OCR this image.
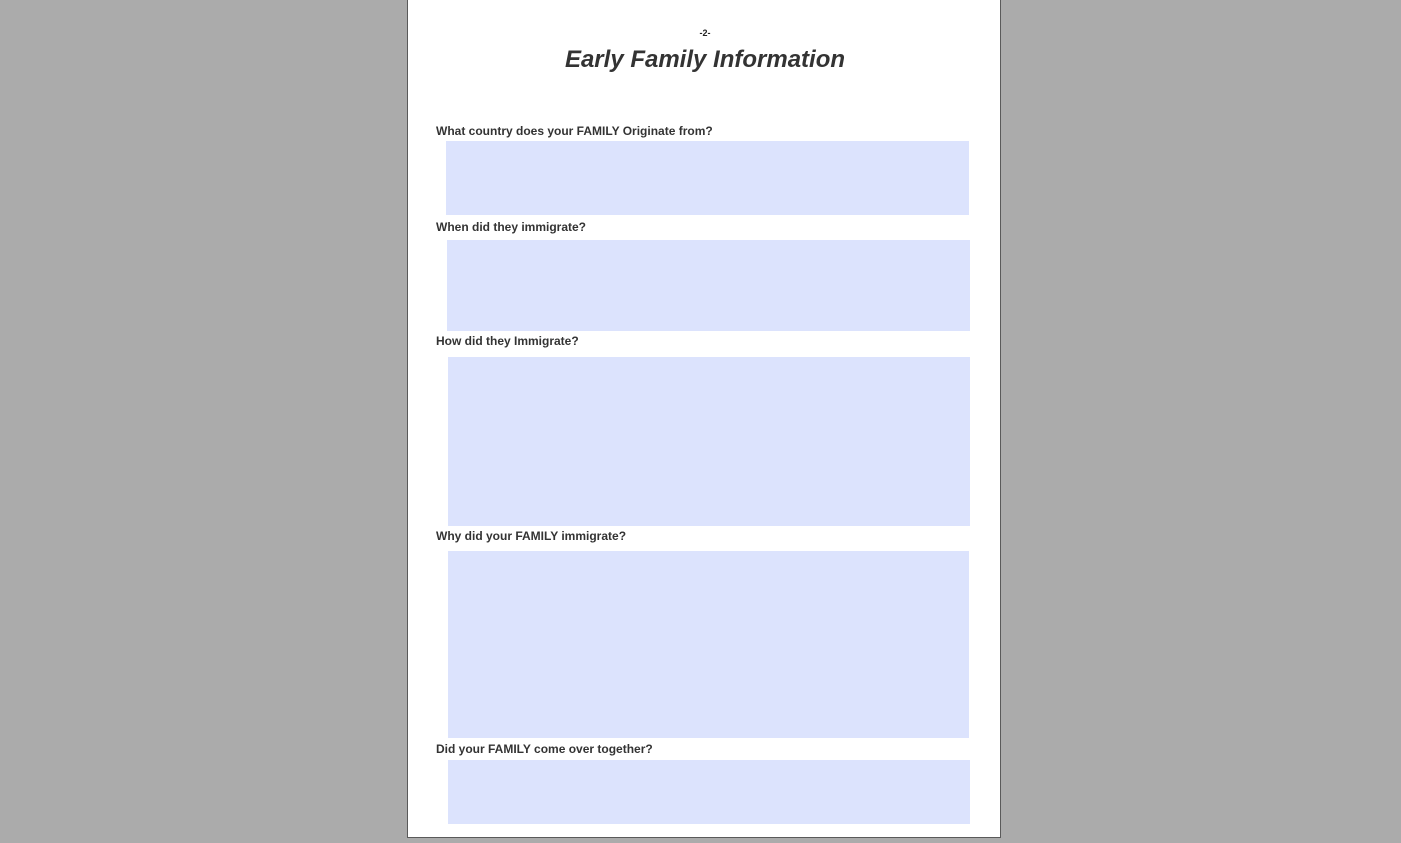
-2-
Early Family Information
What country does your FAMILY Originate from?
When did they immigrate?
How did they Immigrate?
Why did your FAMILY immigrate?
Did your FAMILY come over together?
